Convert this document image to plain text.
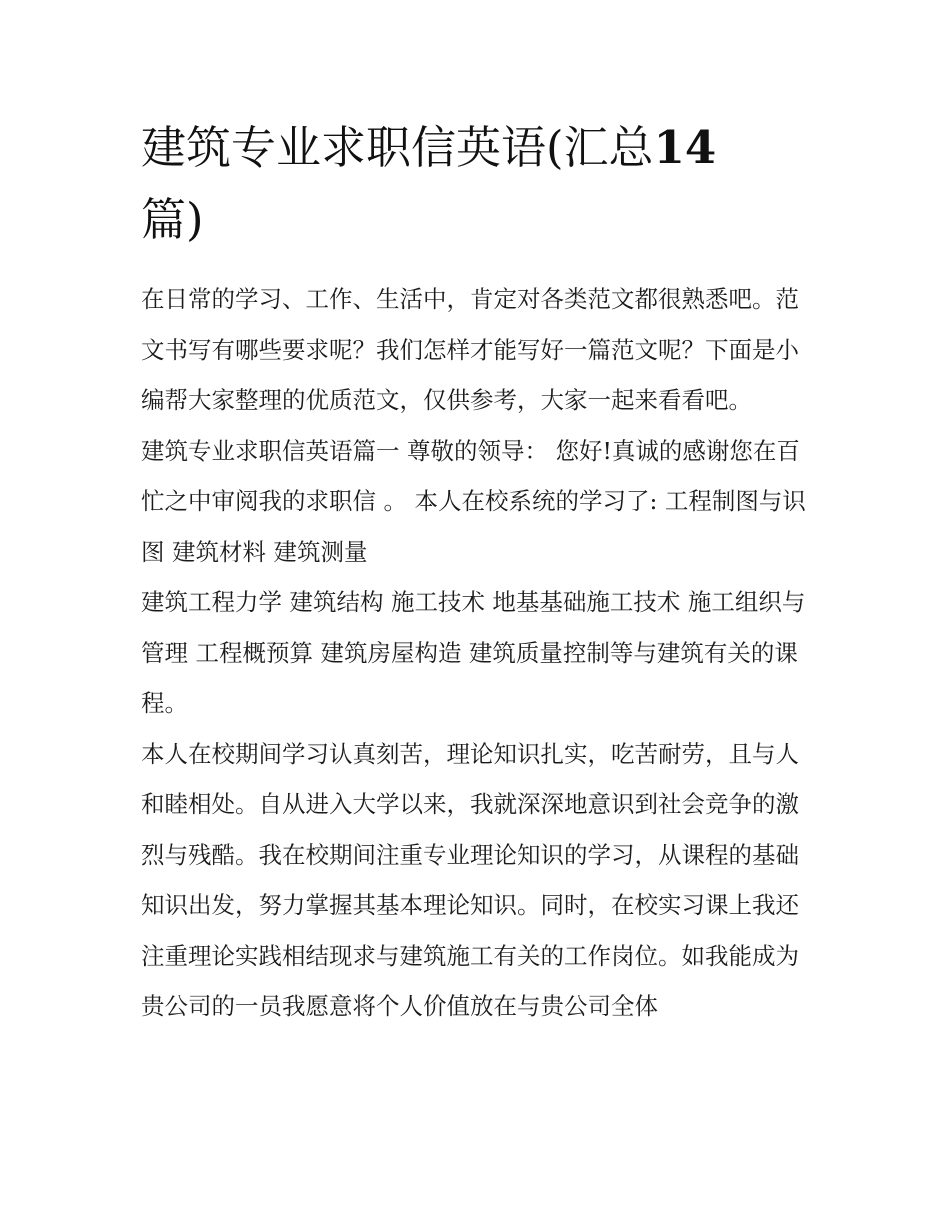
建筑专业求职信英语(汇总14
篇)

在日常的学习、工作、生活中，肯定对各类范文都很熟悉吧。范文书写有哪些要求呢？我们怎样才能写好一篇范文呢？下面是小编帮大家整理的优质范文，仅供参考，大家一起来看看吧。

建筑专业求职信英语篇一 尊敬的领导： 您好!真诚的感谢您在百忙之中审阅我的求职信 。 本人在校系统的学习了: 工程制图与识图 建筑材料 建筑测量

建筑工程力学 建筑结构 施工技术 地基基础施工技术 施工组织与管理 工程概预算 建筑房屋构造 建筑质量控制等与建筑有关的课程。

本人在校期间学习认真刻苦，理论知识扎实，吃苦耐劳，且与人和睦相处。自从进入大学以来，我就深深地意识到社会竞争的激烈与残酷。我在校期间注重专业理论知识的学习，从课程的基础知识出发，努力掌握其基本理论知识。同时，在校实习课上我还注重理论实践相结现求与建筑施工有关的工作岗位。如我能成为贵公司的一员我愿意将个人价值放在与贵公司全体
